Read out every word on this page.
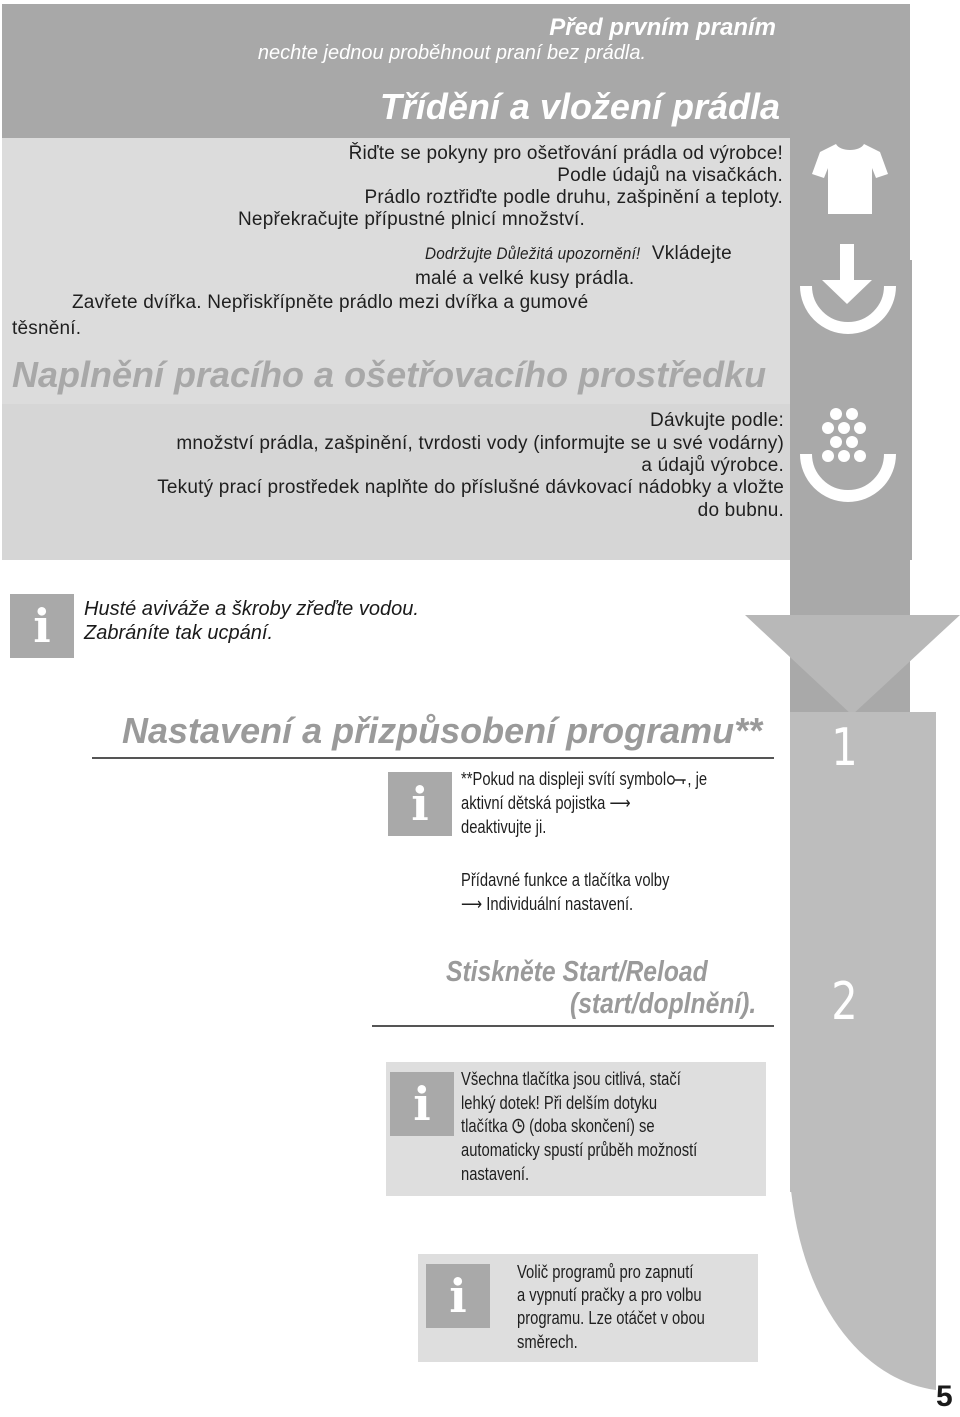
1
2
Před prvním praním
nechte jednou proběhnout praní bez prádla.
Třídění a vložení prádla
Řiďte se pokyny pro ošetřování prádla od výrobce!
Podle údajů na visačkách.
Prádlo roztřiďte podle druhu, zašpinění a teploty.
Nepřekračujte přípustné plnicí množství.
Dodržujte Důležitá upozornění! Vkládejte
malé a velké kusy prádla.
Zavřete dvířka. Nepřiskřípněte prádlo mezi dvířka a gumové
těsnění.
Naplnění pracího a ošetřovacího prostředku
Dávkujte podle:
množství prádla, zašpinění, tvrdosti vody (informujte se u své vodárny)
a údajů výrobce.
Tekutý prací prostředek naplňte do příslušné dávkovací nádobky a vložte
do bubnu.
i	Husté aviváže a škroby zřeďte vodou.
Zabráníte tak ucpání.
Nastavení a přizpůsobení programu**
i	**Pokud na displeji svítí symbol , je
aktivní dětská pojistka ⟶
deaktivujte ji.
Přídavné funkce a tlačítka volby
⟶ Individuální nastavení.
Stiskněte Start/Reload
(start/doplnění).
i	Všechna tlačítka jsou citlivá, stačí
lehký dotek! Při delším dotyku
tlačítka (doba skončení) se
automaticky spustí průběh možností
nastavení.
i	Volič programů pro zapnutí
a vypnutí pračky a pro volbu
programu. Lze otáčet v obou
směrech.
5
